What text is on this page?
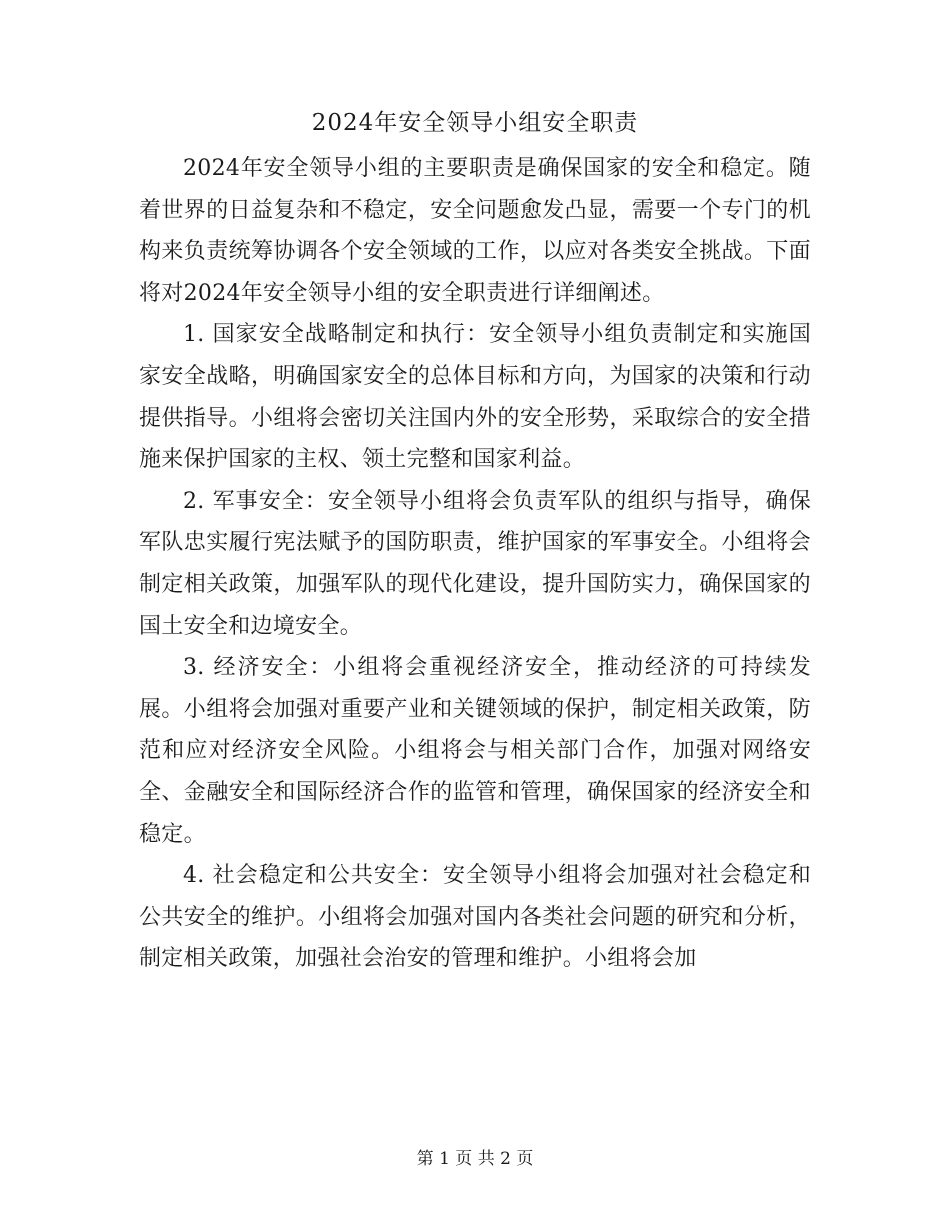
2024年安全领导小组安全职责

2024年安全领导小组的主要职责是确保国家的安全和稳定。随着世界的日益复杂和不稳定，安全问题愈发凸显，需要一个专门的机构来负责统筹协调各个安全领域的工作，以应对各类安全挑战。下面将对2024年安全领导小组的安全职责进行详细阐述。

1. 国家安全战略制定和执行：安全领导小组负责制定和实施国家安全战略，明确国家安全的总体目标和方向，为国家的决策和行动提供指导。小组将会密切关注国内外的安全形势，采取综合的安全措施来保护国家的主权、领土完整和国家利益。

2. 军事安全：安全领导小组将会负责军队的组织与指导，确保军队忠实履行宪法赋予的国防职责，维护国家的军事安全。小组将会制定相关政策，加强军队的现代化建设，提升国防实力，确保国家的国土安全和边境安全。

3. 经济安全：小组将会重视经济安全，推动经济的可持续发展。小组将会加强对重要产业和关键领域的保护，制定相关政策，防范和应对经济安全风险。小组将会与相关部门合作，加强对网络安全、金融安全和国际经济合作的监管和管理，确保国家的经济安全和稳定。

4. 社会稳定和公共安全：安全领导小组将会加强对社会稳定和公共安全的维护。小组将会加强对国内各类社会问题的研究和分析，制定相关政策，加强社会治安的管理和维护。小组将会加

第 1 页 共 2 页
